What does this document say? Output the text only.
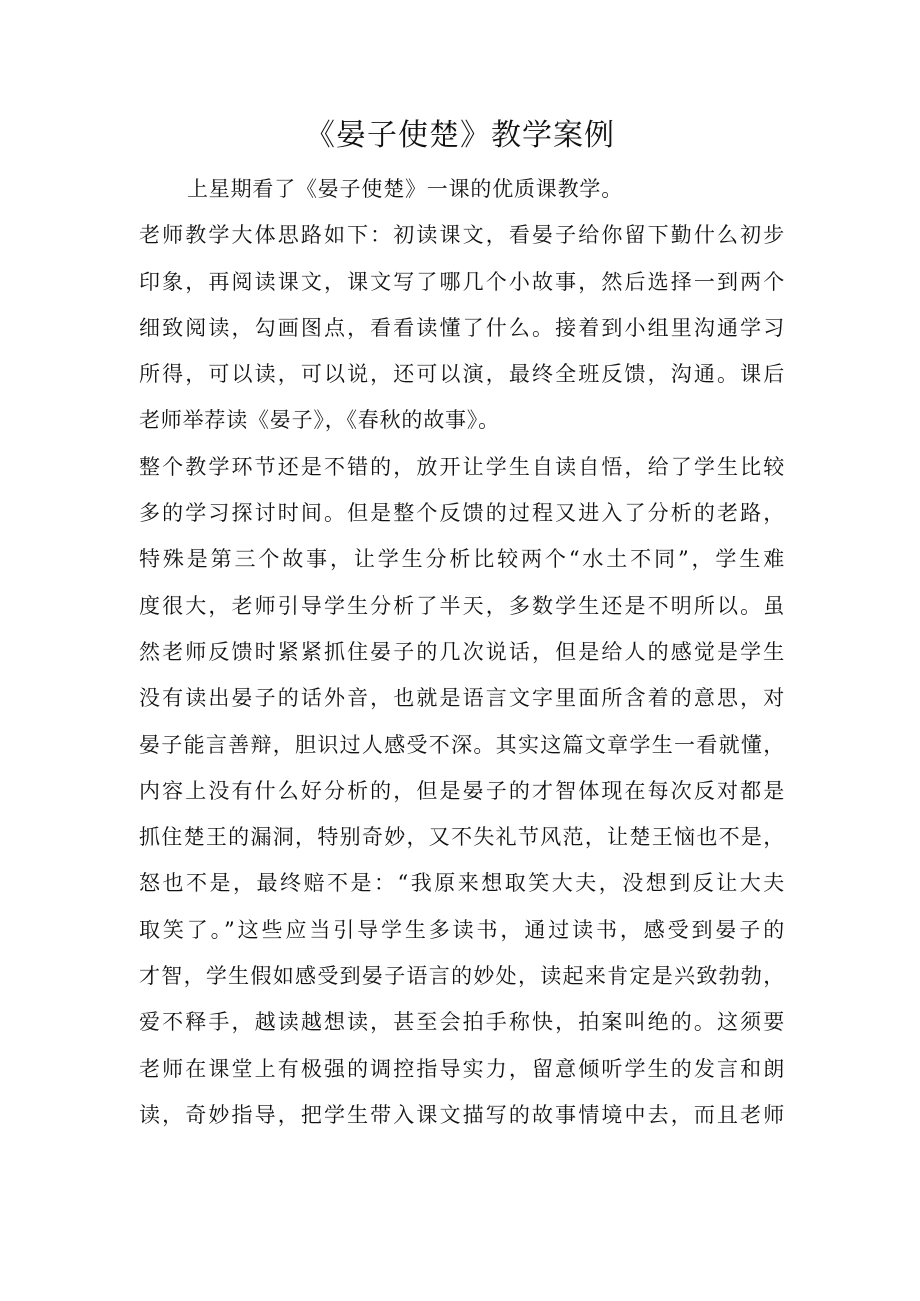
《晏子使楚》教学案例
上星期看了《晏子使楚》一课的优质课教学。
老师教学大体思路如下：初读课文，看晏子给你留下勤什么初步
印象，再阅读课文，课文写了哪几个小故事，然后选择一到两个
细致阅读，勾画图点，看看读懂了什么。接着到小组里沟通学习
所得，可以读，可以说，还可以演，最终全班反馈，沟通。课后
老师举荐读《晏子》，《春秋的故事》。
整个教学环节还是不错的，放开让学生自读自悟，给了学生比较
多的学习探讨时间。但是整个反馈的过程又进入了分析的老路，
特殊是第三个故事，让学生分析比较两个“水土不同”，学生难
度很大，老师引导学生分析了半天，多数学生还是不明所以。虽
然老师反馈时紧紧抓住晏子的几次说话，但是给人的感觉是学生
没有读出晏子的话外音，也就是语言文字里面所含着的意思，对
晏子能言善辩，胆识过人感受不深。其实这篇文章学生一看就懂，
内容上没有什么好分析的，但是晏子的才智体现在每次反对都是
抓住楚王的漏洞，特别奇妙，又不失礼节风范，让楚王恼也不是，
怒也不是，最终赔不是：“我原来想取笑大夫，没想到反让大夫
取笑了。”这些应当引导学生多读书，通过读书，感受到晏子的
才智，学生假如感受到晏子语言的妙处，读起来肯定是兴致勃勃，
爱不释手，越读越想读，甚至会拍手称快，拍案叫绝的。这须要
老师在课堂上有极强的调控指导实力，留意倾听学生的发言和朗
读，奇妙指导，把学生带入课文描写的故事情境中去，而且老师
